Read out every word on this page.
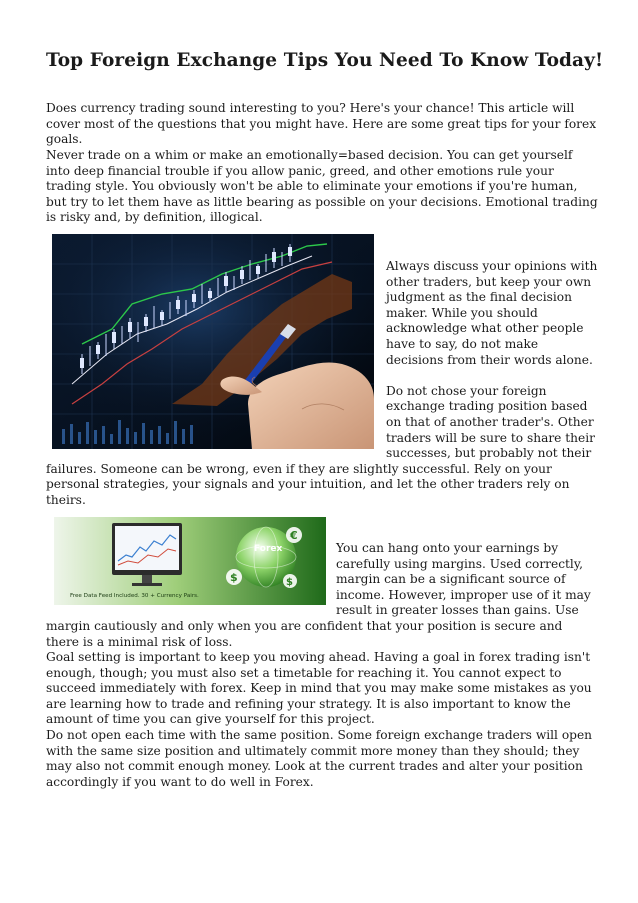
Top Foreign Exchange Tips You Need To Know Today!

Does currency trading sound interesting to you? Here's your chance! This article will cover most of the questions that you might have. Here are some great tips for your forex goals.

Never trade on a whim or make an emotionally=based decision. You can get yourself into deep financial trouble if you allow panic, greed, and other emotions rule your trading style. You obviously won't be able to eliminate your emotions if you're human, but try to let them have as little bearing as possible on your decisions. Emotional trading is risky and, by definition, illogical.

Always discuss your opinions with other traders, but keep your own judgment as the final decision maker. While you should acknowledge what other people have to say, do not make decisions from their words alone.

Do not chose your foreign exchange trading position based on that of another trader's. Other traders will be sure to share their successes, but probably not their failures. Someone can be wrong, even if they are slightly successful. Rely on your personal strategies, your signals and your intuition, and let the other traders rely on theirs.

Forex
$
€
$
Free Data Feed Included. 30 + Currency Pairs.

You can hang onto your earnings by carefully using margins. Used correctly, margin can be a significant source of income. However, improper use of it may result in greater losses than gains. Use margin cautiously and only when you are confident that your position is secure and there is a minimal risk of loss.

Goal setting is important to keep you moving ahead. Having a goal in forex trading isn't enough, though; you must also set a timetable for reaching it. You cannot expect to succeed immediately with forex. Keep in mind that you may make some mistakes as you are learning how to trade and refining your strategy. It is also important to know the amount of time you can give yourself for this project.

Do not open each time with the same position. Some foreign exchange traders will open with the same size position and ultimately commit more money than they should; they may also not commit enough money. Look at the current trades and alter your position accordingly if you want to do well in Forex.
